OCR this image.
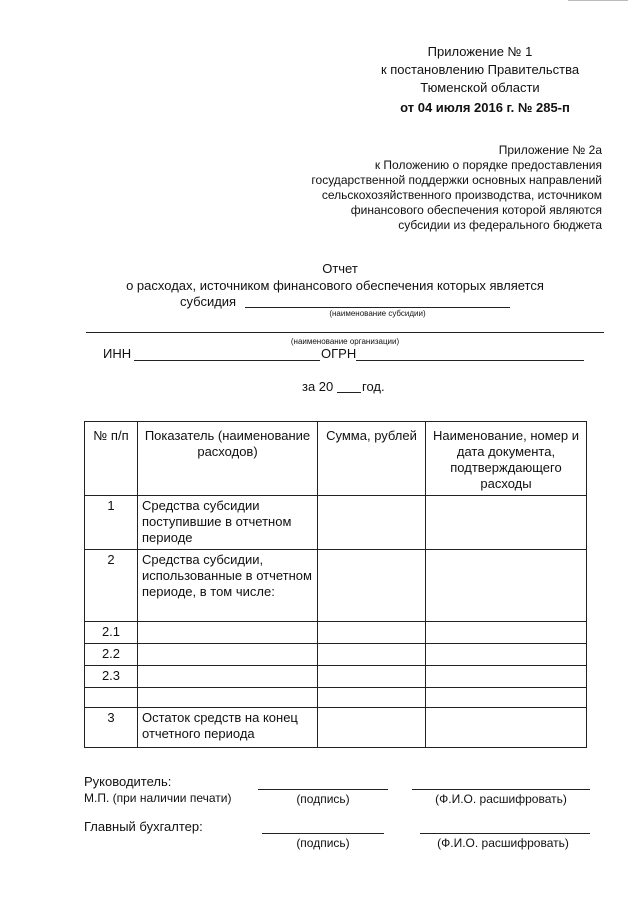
Приложение № 1
к постановлению Правительства
Тюменской области
от 04 июля 2016 г. № 285-п
Приложение № 2а
к Положению о порядке предоставления
государственной поддержки основных направлений
сельскохозяйственного производства, источником
финансового обеспечения которой являются
субсидии из федерального бюджета
Отчет
о расходах, источником финансового обеспечения которых является
субсидия
(наименование субсидии)
(наименование организации)
ИНН	ОГРН
за 20 год.
№ п/п	Показатель (наименование расходов)	Сумма, рублей	Наименование, номер и дата документа, подтверждающего расходы
1	Средства субсидии поступившие в отчетном периоде		
2	Средства субсидии, использованные в отчетном периоде, в том числе:		
2.1			
2.2			
2.3			

3	Остаток средств на конец отчетного периода		
Руководитель:
М.П. (при наличии печати)	(подпись)	(Ф.И.О. расшифровать)
Главный бухгалтер:
(подпись)	(Ф.И.О. расшифровать)
